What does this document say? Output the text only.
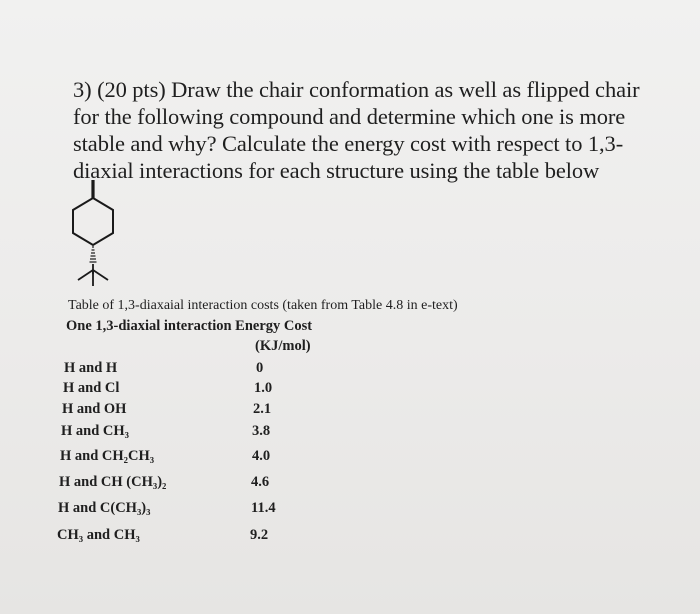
3) (20 pts) Draw the chair conformation as well as flipped chair
for the following compound and determine which one is more
stable and why? Calculate the energy cost with respect to 1,3-
diaxial interactions for each structure using the table below

Table of 1,3-diaxaial interaction costs (taken from Table 4.8 in e-text)
One 1,3-diaxial interaction Energy Cost
(KJ/mol)
H and H	0
H and Cl	1.0
H and OH	2.1
H and CH₃	3.8
H and CH₂CH₃	4.0
H and CH (CH₃)₂	4.6
H and C(CH₃)₃	11.4
CH₃ and CH₃	9.2
